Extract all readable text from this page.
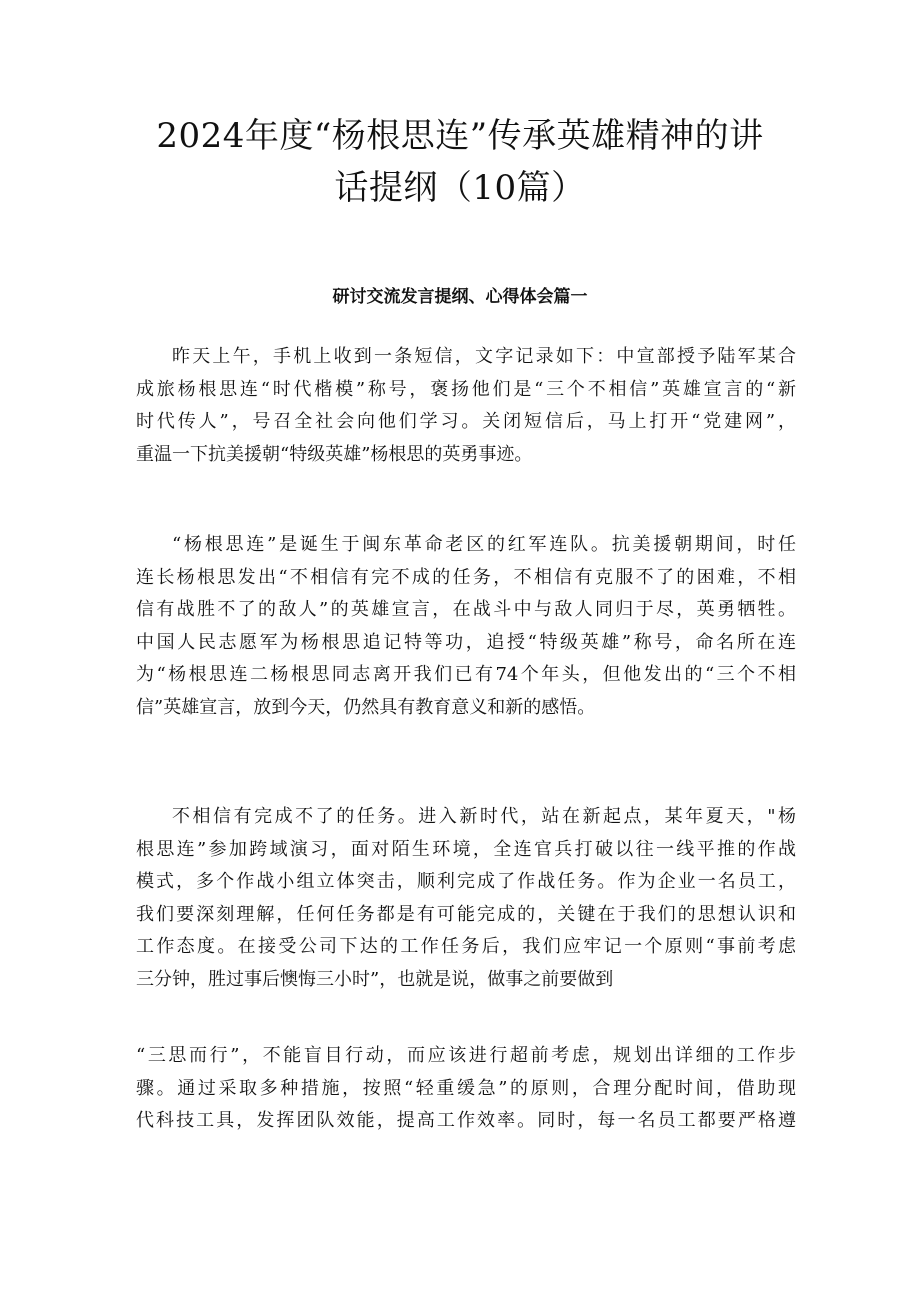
2024年度“杨根思连”传承英雄精神的讲
话提纲（10篇）
研讨交流发言提纲、心得体会篇一

昨天上午，手机上收到一条短信，文字记录如下：中宣部授予陆军某合
成旅杨根思连“时代楷模”称号，褒扬他们是“三个不相信”英雄宣言的“新
时代传人”，号召全社会向他们学习。关闭短信后，马上打开“党建网”，
重温一下抗美援朝“特级英雄”杨根思的英勇事迹。

“杨根思连”是诞生于闽东革命老区的红军连队。抗美援朝期间，时任
连长杨根思发出“不相信有完不成的任务，不相信有克服不了的困难，不相
信有战胜不了的敌人”的英雄宣言，在战斗中与敌人同归于尽，英勇牺牲。
中国人民志愿军为杨根思追记特等功，追授“特级英雄”称号，命名所在连
为“杨根思连二杨根思同志离开我们已有74个年头，但他发出的“三个不相
信”英雄宣言，放到今天，仍然具有教育意义和新的感悟。

不相信有完成不了的任务。进入新时代，站在新起点，某年夏天，"杨
根思连”参加跨域演习，面对陌生环境，全连官兵打破以往一线平推的作战
模式，多个作战小组立体突击，顺利完成了作战任务。作为企业一名员工，
我们要深刻理解，任何任务都是有可能完成的，关键在于我们的思想认识和
工作态度。在接受公司下达的工作任务后，我们应牢记一个原则“事前考虑
三分钟，胜过事后懊悔三小时”，也就是说，做事之前要做到

“三思而行”，不能盲目行动，而应该进行超前考虑，规划出详细的工作步
骤。通过采取多种措施，按照“轻重缓急”的原则，合理分配时间，借助现
代科技工具，发挥团队效能，提高工作效率。同时，每一名员工都要严格遵
